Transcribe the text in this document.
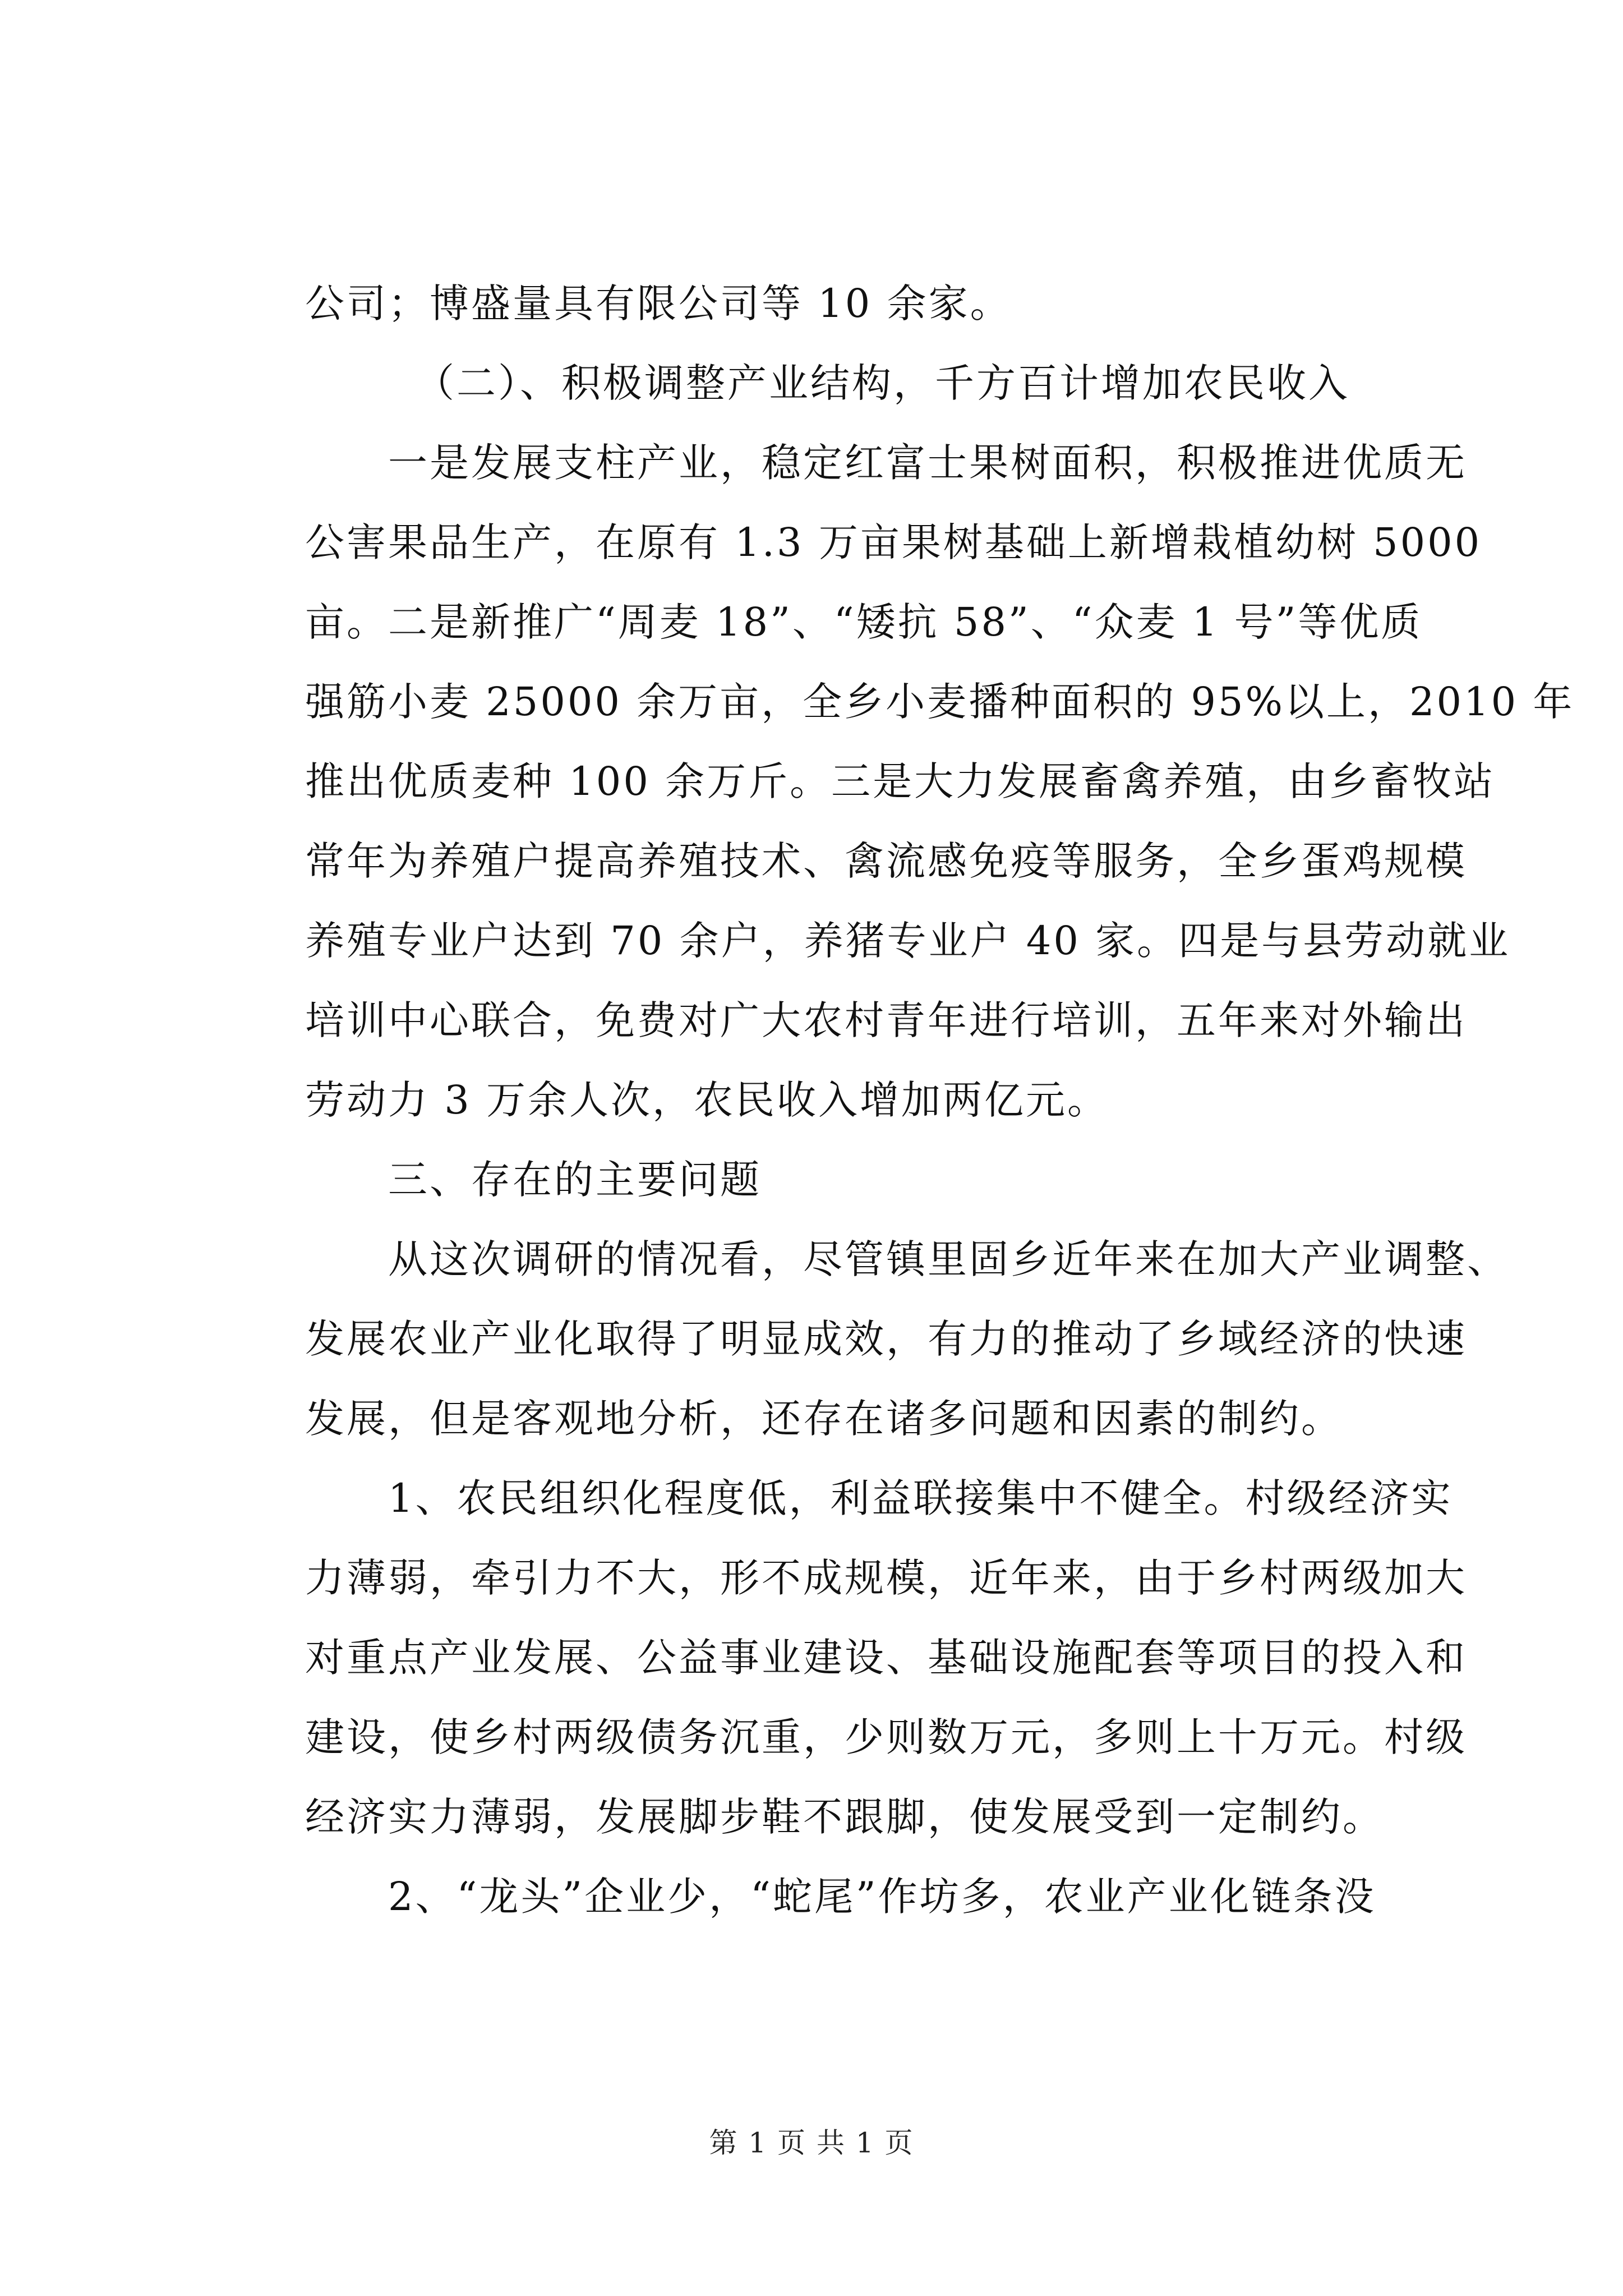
公司；博盛量具有限公司等 10 余家。
（二）、积极调整产业结构，千方百计增加农民收入
一是发展支柱产业，稳定红富士果树面积，积极推进优质无
公害果品生产，在原有 1.3 万亩果树基础上新增栽植幼树 5000
亩。二是新推广“周麦 18”、“矮抗 58”、“众麦 1 号”等优质
强筋小麦 25000 余万亩，全乡小麦播种面积的 95%以上，2010 年
推出优质麦种 100 余万斤。三是大力发展畜禽养殖，由乡畜牧站
常年为养殖户提高养殖技术、禽流感免疫等服务，全乡蛋鸡规模
养殖专业户达到 70 余户，养猪专业户 40 家。四是与县劳动就业
培训中心联合，免费对广大农村青年进行培训，五年来对外输出
劳动力 3 万余人次，农民收入增加两亿元。
三、存在的主要问题
从这次调研的情况看，尽管镇里固乡近年来在加大产业调整、
发展农业产业化取得了明显成效，有力的推动了乡域经济的快速
发展，但是客观地分析，还存在诸多问题和因素的制约。
1、农民组织化程度低，利益联接集中不健全。村级经济实
力薄弱，牵引力不大，形不成规模，近年来，由于乡村两级加大
对重点产业发展、公益事业建设、基础设施配套等项目的投入和
建设，使乡村两级债务沉重，少则数万元，多则上十万元。村级
经济实力薄弱，发展脚步鞋不跟脚，使发展受到一定制约。
2、“龙头”企业少，“蛇尾”作坊多，农业产业化链条没
第 1 页 共 1 页
